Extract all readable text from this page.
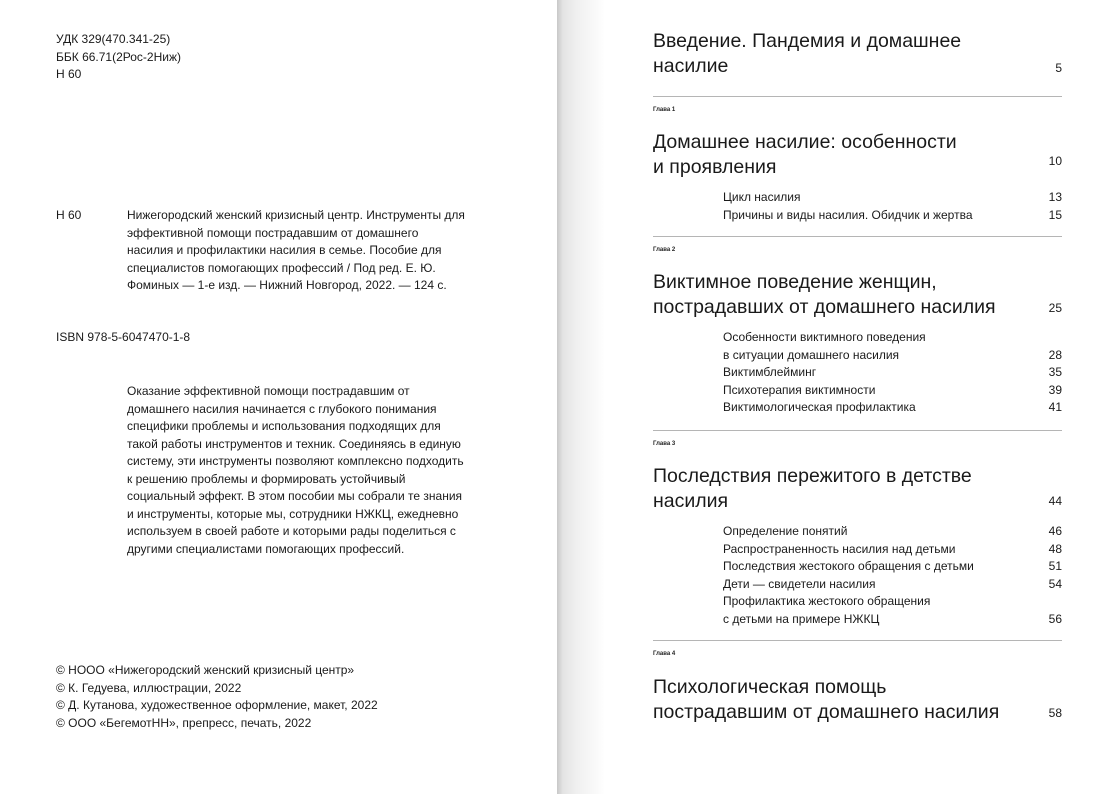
УДК 329(470.341-25)
ББК 66.71(2Рос-2Ниж)
Н 60
Н 60	Нижегородский женский кризисный центр. Инструменты для эффективной помощи пострадавшим от домашнего насилия и профилактики насилия в семье. Пособие для специалистов помогающих профессий / Под ред. Е. Ю. Фоминых — 1-е изд. — Нижний Новгород, 2022. — 124 с.
ISBN 978-5-6047470-1-8
Оказание эффективной помощи пострадавшим от домашнего насилия начинается с глубокого понимания специфики проблемы и использования подходящих для такой работы инструментов и техник. Соединяясь в единую систему, эти инструменты позволяют комплексно подходить к решению проблемы и формировать устойчивый социальный эффект. В этом пособии мы собрали те знания и инструменты, которые мы, сотрудники НЖКЦ, ежедневно используем в своей работе и которыми рады поделиться с другими специалистами помогающих профессий.
© НООО «Нижегородский женский кризисный центр»
© К. Гедуева, иллюстрации, 2022
© Д. Кутанова, художественное оформление, макет, 2022
© ООО «БегемотНН», препресс, печать, 2022
Введение. Пандемия и домашнее
насилие	5
Глава 1
Домашнее насилие: особенности
и проявления	10
Цикл насилия	13
Причины и виды насилия. Обидчик и жертва	15
Глава 2
Виктимное поведение женщин,
пострадавших от домашнего насилия	25
Особенности виктимного поведения
в ситуации домашнего насилия	28
Виктимблейминг	35
Психотерапия виктимности	39
Виктимологическая профилактика	41
Глава 3
Последствия пережитого в детстве
насилия	44
Определение понятий	46
Распространенность насилия над детьми	48
Последствия жестокого обращения с детьми	51
Дети — свидетели насилия	54
Профилактика жестокого обращения
с детьми на примере НЖКЦ	56
Глава 4
Психологическая помощь
пострадавшим от домашнего насилия	58
